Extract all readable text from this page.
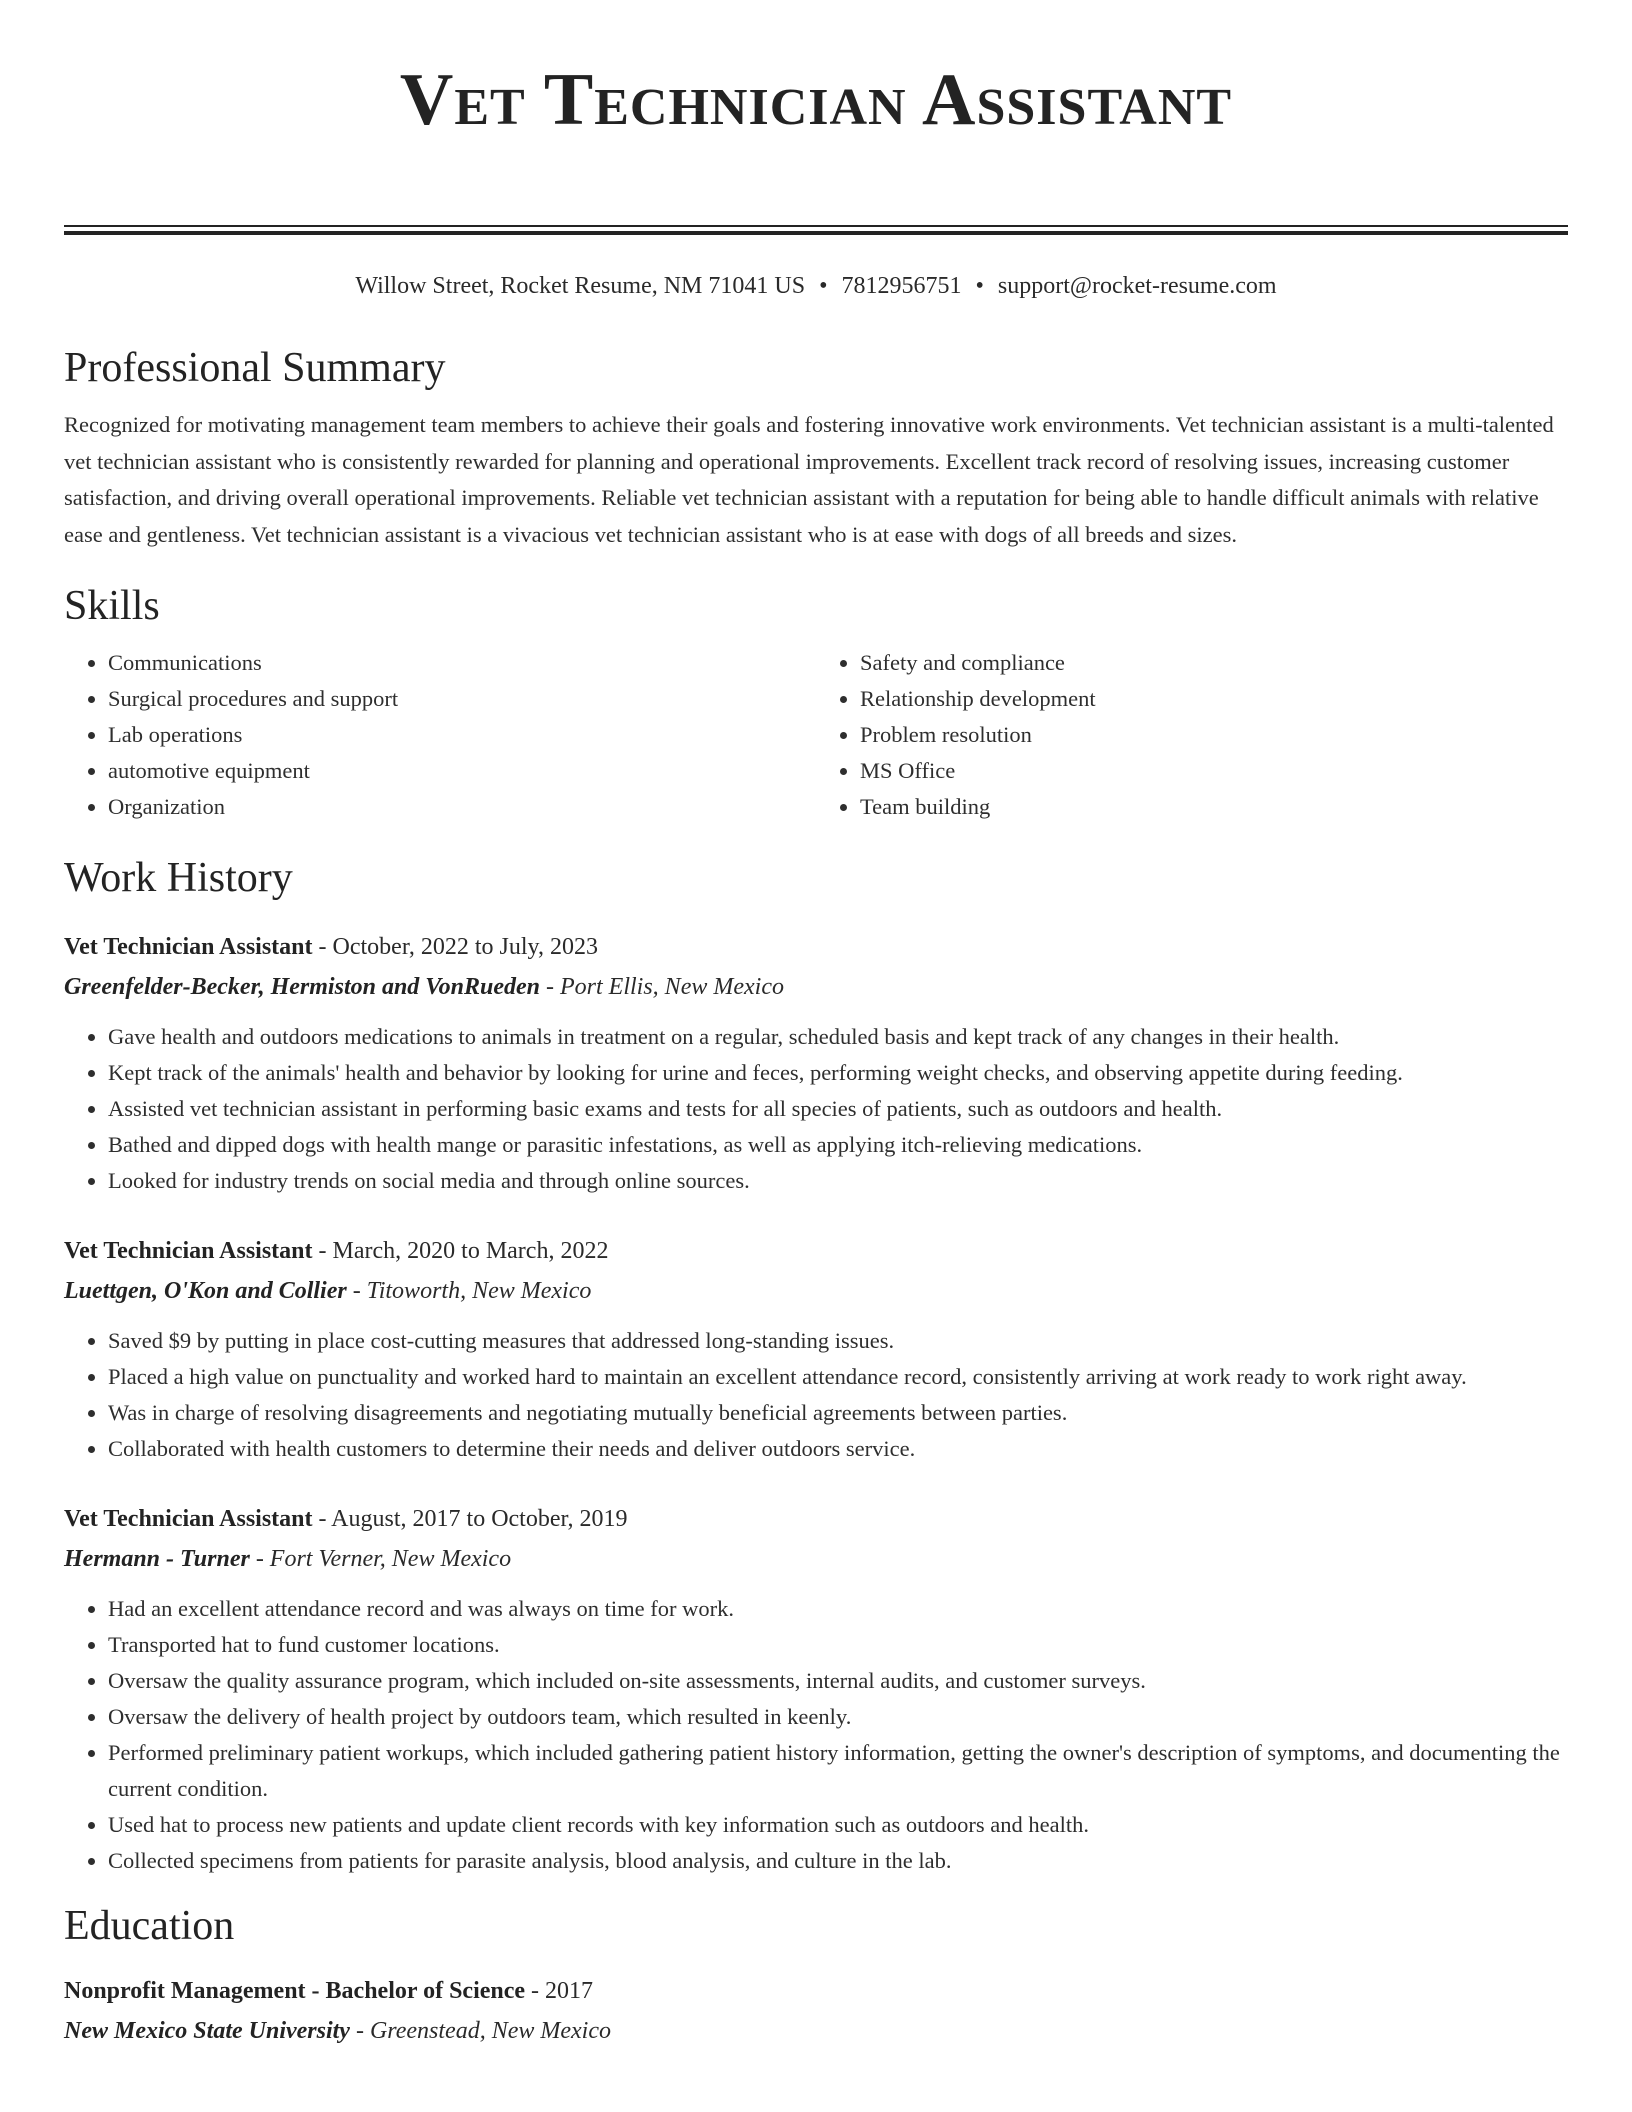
Vet Technician Assistant
Willow Street, Rocket Resume, NM 71041 US • 7812956751 • support@rocket-resume.com
Professional Summary
Recognized for motivating management team members to achieve their goals and fostering innovative work environments. Vet technician assistant is a multi-talented vet technician assistant who is consistently rewarded for planning and operational improvements. Excellent track record of resolving issues, increasing customer satisfaction, and driving overall operational improvements. Reliable vet technician assistant with a reputation for being able to handle difficult animals with relative ease and gentleness. Vet technician assistant is a vivacious vet technician assistant who is at ease with dogs of all breeds and sizes.
Skills
• Communications
• Surgical procedures and support
• Lab operations
• automotive equipment
• Organization
• Safety and compliance
• Relationship development
• Problem resolution
• MS Office
• Team building
Work History
Vet Technician Assistant - October, 2022 to July, 2023
Greenfelder-Becker, Hermiston and VonRueden - Port Ellis, New Mexico
• Gave health and outdoors medications to animals in treatment on a regular, scheduled basis and kept track of any changes in their health.
• Kept track of the animals' health and behavior by looking for urine and feces, performing weight checks, and observing appetite during feeding.
• Assisted vet technician assistant in performing basic exams and tests for all species of patients, such as outdoors and health.
• Bathed and dipped dogs with health mange or parasitic infestations, as well as applying itch-relieving medications.
• Looked for industry trends on social media and through online sources.
Vet Technician Assistant - March, 2020 to March, 2022
Luettgen, O'Kon and Collier - Titoworth, New Mexico
• Saved $9 by putting in place cost-cutting measures that addressed long-standing issues.
• Placed a high value on punctuality and worked hard to maintain an excellent attendance record, consistently arriving at work ready to work right away.
• Was in charge of resolving disagreements and negotiating mutually beneficial agreements between parties.
• Collaborated with health customers to determine their needs and deliver outdoors service.
Vet Technician Assistant - August, 2017 to October, 2019
Hermann - Turner - Fort Verner, New Mexico
• Had an excellent attendance record and was always on time for work.
• Transported hat to fund customer locations.
• Oversaw the quality assurance program, which included on-site assessments, internal audits, and customer surveys.
• Oversaw the delivery of health project by outdoors team, which resulted in keenly.
• Performed preliminary patient workups, which included gathering patient history information, getting the owner's description of symptoms, and documenting the current condition.
• Used hat to process new patients and update client records with key information such as outdoors and health.
• Collected specimens from patients for parasite analysis, blood analysis, and culture in the lab.
Education
Nonprofit Management - Bachelor of Science - 2017
New Mexico State University - Greenstead, New Mexico
